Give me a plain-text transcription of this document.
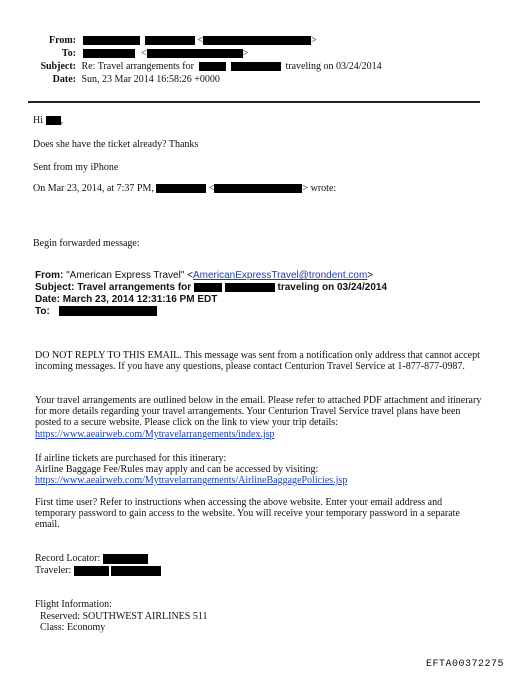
From:	<	>
To:	<	>
Subject: Re: Travel arrangements for	traveling on 03/24/2014
Date: Sun, 23 Mar 2014 16:58:26 +0000
Hi ,
Does she have the ticket already? Thanks
Sent from my iPhone
On Mar 23, 2014, at 7:37 PM,	<	> wrote:
Begin forwarded message:
From: "American Express Travel" <AmericanExpressTravel@trondent.com>
Subject: Travel arrangements for	traveling on 03/24/2014
Date: March 23, 2014 12:31:16 PM EDT
To:
DO NOT REPLY TO THIS EMAIL. This message was sent from a notification only address that cannot accept incoming messages. If you have any questions, please contact Centurion Travel Service at 1-877-877-0987.
Your travel arrangements are outlined below in the email. Please refer to attached PDF attachment and itinerary for more details regarding your travel arrangements. Your Centurion Travel Service travel plans have been posted to a secure website. Please click on the link to view your trip details:
https://www.aeairweb.com/Mytravelarrangements/index.jsp
If airline tickets are purchased for this itinerary:
Airline Baggage Fee/Rules may apply and can be accessed by visiting:
https://www.aeairweb.com/Mytravelarrangements/AirlineBaggagePolicies.jsp
First time user? Refer to instructions when accessing the above website. Enter your email address and temporary password to gain access to the website. You will receive your temporary password in a separate email.
Record Locator:
Traveler:
Flight Information:
Reserved: SOUTHWEST AIRLINES 511
Class: Economy
EFTA00372275
